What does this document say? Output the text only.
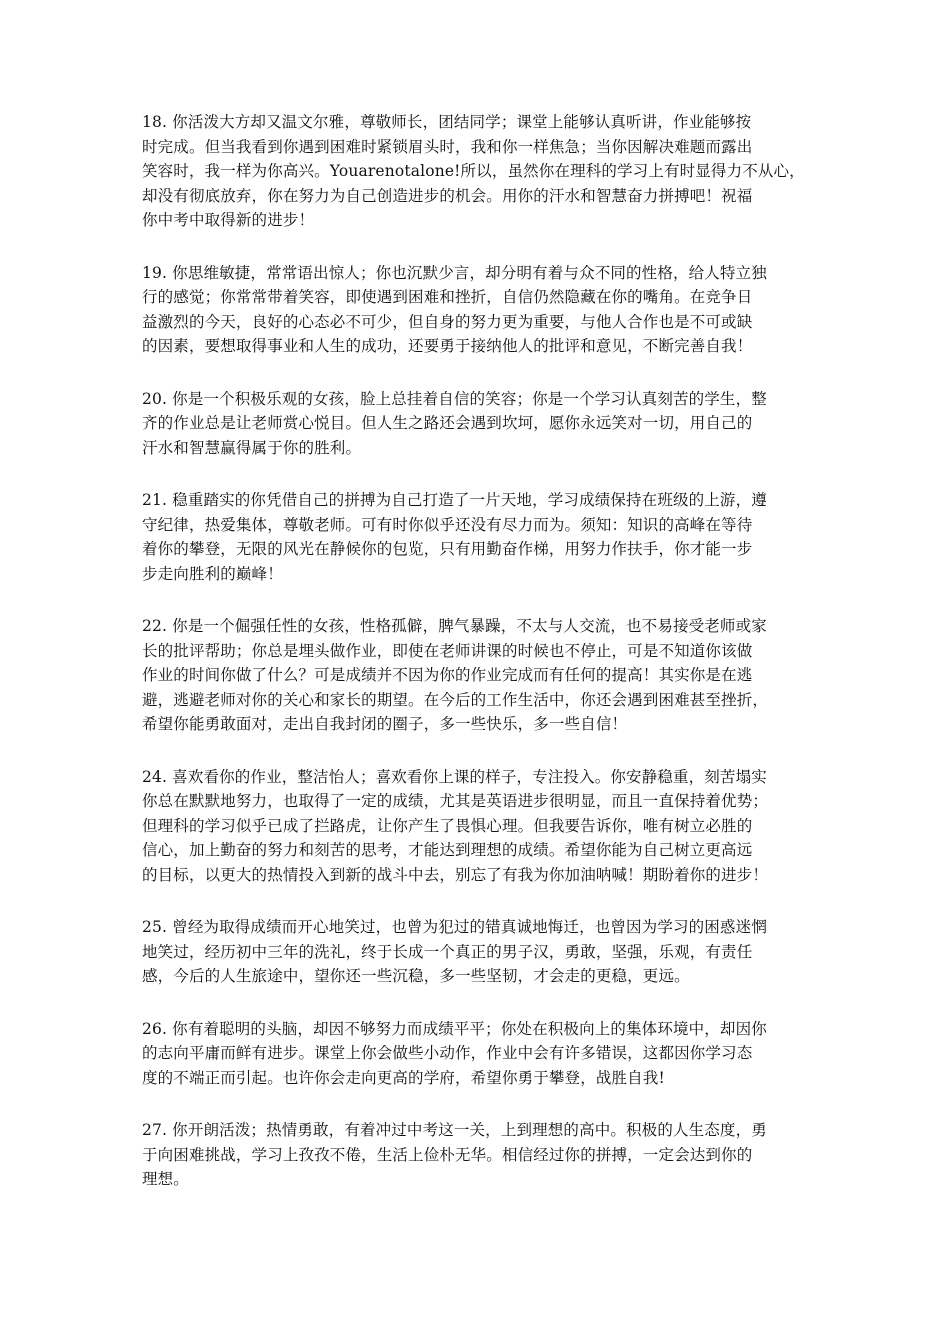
18. 你活泼大方却又温文尔雅，尊敬师长，团结同学；课堂上能够认真听讲，作业能够按
时完成。但当我看到你遇到困难时紧锁眉头时，我和你一样焦急；当你因解决难题而露出
笑容时，我一样为你高兴。Youarenotalone!所以，虽然你在理科的学习上有时显得力不从心，
却没有彻底放弃，你在努力为自己创造进步的机会。用你的汗水和智慧奋力拼搏吧！祝福
你中考中取得新的进步！
19. 你思维敏捷，常常语出惊人；你也沉默少言，却分明有着与众不同的性格，给人特立独
行的感觉；你常常带着笑容，即使遇到困难和挫折，自信仍然隐藏在你的嘴角。在竞争日
益激烈的今天，良好的心态必不可少，但自身的努力更为重要，与他人合作也是不可或缺
的因素，要想取得事业和人生的成功，还要勇于接纳他人的批评和意见，不断完善自我！
20. 你是一个积极乐观的女孩，脸上总挂着自信的笑容；你是一个学习认真刻苦的学生，整
齐的作业总是让老师赏心悦目。但人生之路还会遇到坎坷，愿你永远笑对一切，用自己的
汗水和智慧赢得属于你的胜利。
21. 稳重踏实的你凭借自己的拼搏为自己打造了一片天地，学习成绩保持在班级的上游，遵
守纪律，热爱集体，尊敬老师。可有时你似乎还没有尽力而为。须知：知识的高峰在等待
着你的攀登，无限的风光在静候你的包览，只有用勤奋作梯，用努力作扶手，你才能一步
步走向胜利的巅峰！
22. 你是一个倔强任性的女孩，性格孤僻，脾气暴躁，不太与人交流，也不易接受老师或家
长的批评帮助；你总是埋头做作业，即使在老师讲课的时候也不停止，可是不知道你该做
作业的时间你做了什么？可是成绩并不因为你的作业完成而有任何的提高！其实你是在逃
避，逃避老师对你的关心和家长的期望。在今后的工作生活中，你还会遇到困难甚至挫折，
希望你能勇敢面对，走出自我封闭的圈子，多一些快乐，多一些自信！
24. 喜欢看你的作业，整洁怡人；喜欢看你上课的样子，专注投入。你安静稳重，刻苦塌实
你总在默默地努力，也取得了一定的成绩，尤其是英语进步很明显，而且一直保持着优势；
但理科的学习似乎已成了拦路虎，让你产生了畏惧心理。但我要告诉你，唯有树立必胜的
信心，加上勤奋的努力和刻苦的思考，才能达到理想的成绩。希望你能为自己树立更高远
的目标，以更大的热情投入到新的战斗中去，别忘了有我为你加油呐喊！期盼着你的进步！
25. 曾经为取得成绩而开心地笑过，也曾为犯过的错真诚地悔迁，也曾因为学习的困惑迷惘
地笑过，经历初中三年的洗礼，终于长成一个真正的男子汉，勇敢，坚强，乐观，有责任
感，今后的人生旅途中，望你还一些沉稳，多一些坚韧，才会走的更稳，更远。
26. 你有着聪明的头脑，却因不够努力而成绩平平；你处在积极向上的集体环境中，却因你
的志向平庸而鲜有进步。课堂上你会做些小动作，作业中会有许多错误，这都因你学习态
度的不端正而引起。也许你会走向更高的学府，希望你勇于攀登，战胜自我!
27. 你开朗活泼；热情勇敢，有着冲过中考这一关，上到理想的高中。积极的人生态度，勇
于向困难挑战，学习上孜孜不倦，生活上俭朴无华。相信经过你的拼搏，一定会达到你的
理想。
